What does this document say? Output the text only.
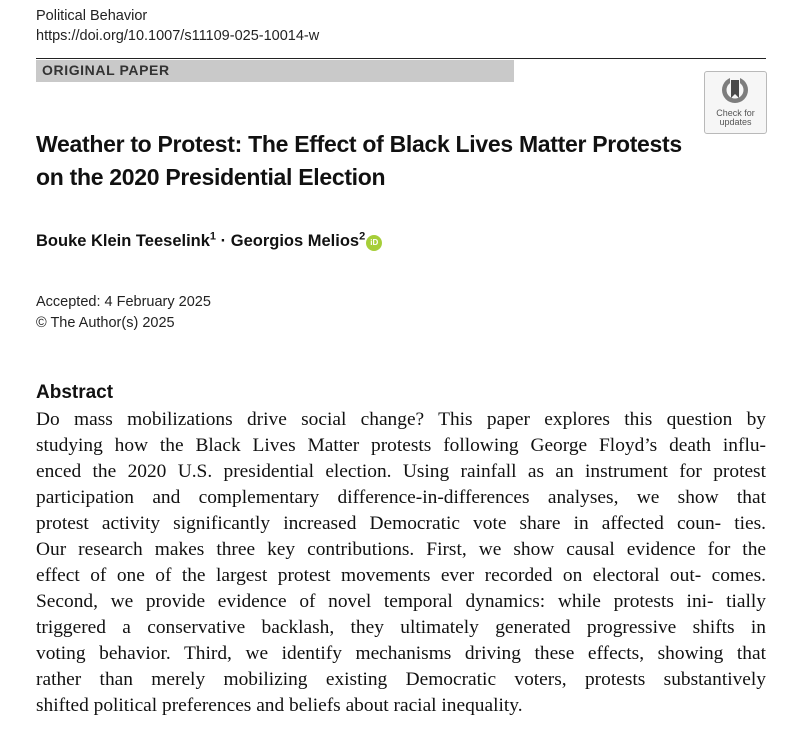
Political Behavior
https://doi.org/10.1007/s11109-025-10014-w
ORIGINAL PAPER
Check for
updates
Weather to Protest: The Effect of Black Lives Matter Protests
on the 2020 Presidential Election
Bouke Klein Teeselink$^1$ · Georgios Melios$^2$ iD
Accepted: 4 February 2025
© The Author(s) 2025
Abstract
Do mass mobilizations drive social change? This paper explores this question by
studying how the Black Lives Matter protests following George Floyd’s death influ-
enced the 2020 U.S. presidential election. Using rainfall as an instrument for protest
participation and complementary difference-in-differences analyses, we show that
protest activity significantly increased Democratic vote share in affected coun- ties.
Our research makes three key contributions. First, we show causal evidence for the
effect of one of the largest protest movements ever recorded on electoral out- comes.
Second, we provide evidence of novel temporal dynamics: while protests ini- tially
triggered a conservative backlash, they ultimately generated progressive shifts in
voting behavior. Third, we identify mechanisms driving these effects, showing that
rather than merely mobilizing existing Democratic voters, protests substantively
shifted political preferences and beliefs about racial inequality.
